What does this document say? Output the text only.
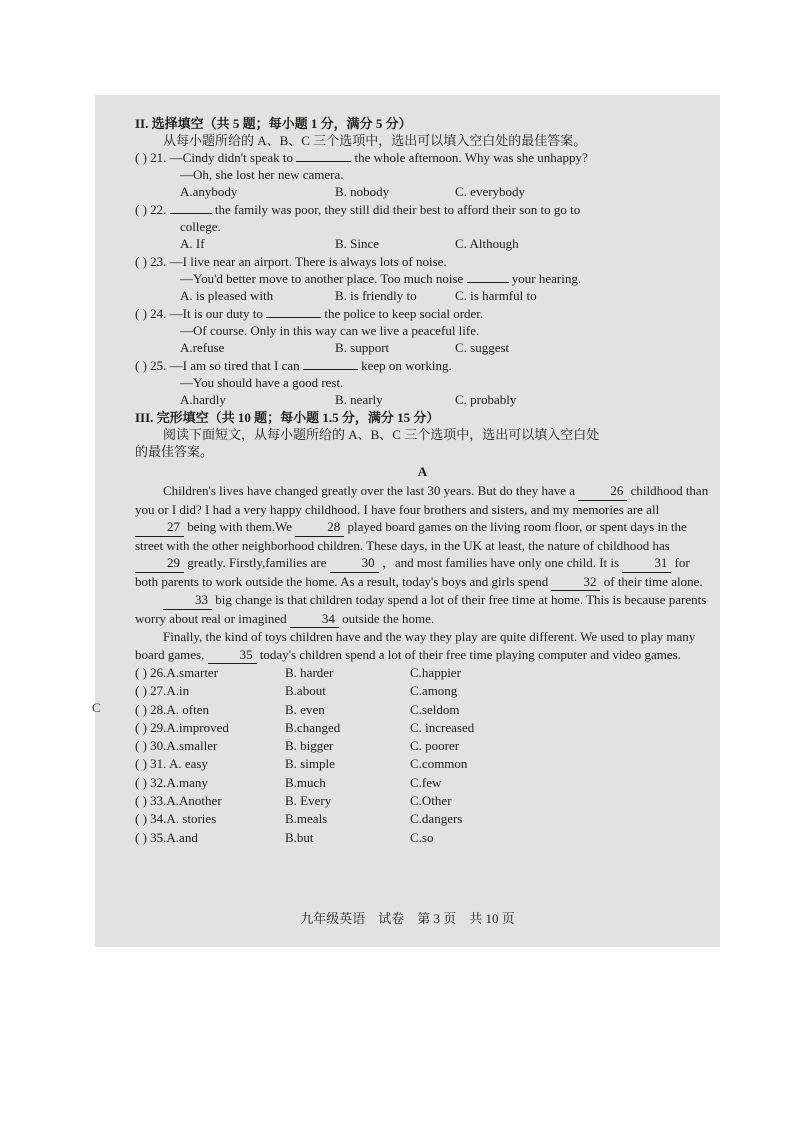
II. 选择填空（共 5 题；每小题 1 分，满分 5 分）
从每小题所给的 A、B、C 三个选项中，选出可以填入空白处的最佳答案。
( ) 21. —Cindy didn't speak to	the whole afternoon. Why was she unhappy?
—Oh, she lost her new camera.
A.anybody	B. nobody	C. everybody
( ) 22.	the family was poor, they still did their best to afford their son to go to
college.
A. If	B. Since	C. Although
( ) 23. —I live near an airport. There is always lots of noise.
—You'd better move to another place. Too much noise	your hearing.
A. is pleased with	B. is friendly to	C. is harmful to
( ) 24. —It is our duty to	the police to keep social order.
—Of course. Only in this way can we live a peaceful life.
A.refuse	B. support	C. suggest
( ) 25. —I am so tired that I can	keep on working.
—You should have a good rest.
A.hardly	B. nearly	C. probably
III. 完形填空（共 10 题；每小题 1.5 分，满分 15 分）
阅读下面短文，从每小题所给的 A、B、C 三个选项中，选出可以填入空白处
的最佳答案。
A
Children's lives have changed greatly over the last 30 years. But do they have a	26 childhood than you or I did? I had a very happy childhood. I have four brothers and sisters, and my memories are all 27 being with them.We	28 played board games on the living room floor, or spent days in the street with the other neighborhood children. These days, in the UK at least, the nature of childhood has 29 greatly. Firstly,families are	30 ，and most families have only one child. It is	31 for both parents to work outside the home. As a result, today's boys and girls spend	32 of their time alone.
33 big change is that children today spend a lot of their free time at home. This is because parents worry about real or imagined	34 outside the home.
Finally, the kind of toys children have and the way they play are quite different. We used to play many board games,	35 today's children spend a lot of their free time playing computer and video games.
( ) 26.A.smarter	B. harder	C.happier
( ) 27.A.in	B.about	C.among
( ) 28.A. often	B. even	C.seldom
( ) 29.A.improved	B.changed	C. increased
( ) 30.A.smaller	B. bigger	C. poorer
( ) 31. A. easy	B. simple	C.common
( ) 32.A.many	B.much	C.few
( ) 33.A.Another	B. Every	C.Other
( ) 34.A. stories	B.meals	C.dangers
( ) 35.A.and	B.but	C.so
九年级英语　试卷　第 3 页　共 10 页
C
